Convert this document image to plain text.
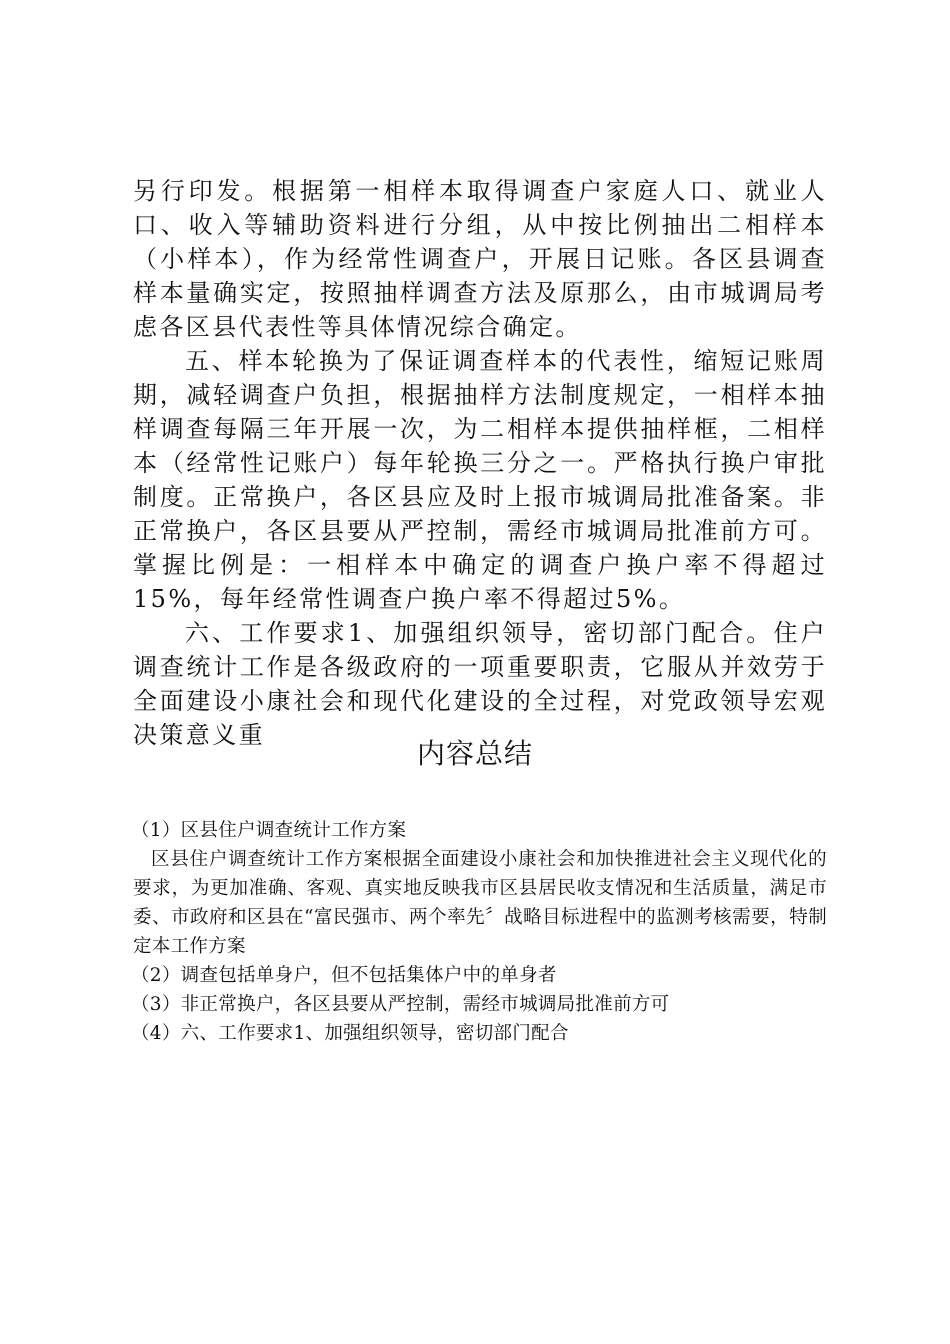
另行印发。根据第一相样本取得调查户家庭人口、就业人口、收入等辅助资料进行分组，从中按比例抽出二相样本（小样本），作为经常性调查户，开展日记账。各区县调查样本量确实定，按照抽样调查方法及原那么，由市城调局考虑各区县代表性等具体情况综合确定。

五、样本轮换为了保证调查样本的代表性，缩短记账周期，减轻调查户负担，根据抽样方法制度规定，一相样本抽样调查每隔三年开展一次，为二相样本提供抽样框，二相样本（经常性记账户）每年轮换三分之一。严格执行换户审批制度。正常换户，各区县应及时上报市城调局批准备案。非正常换户，各区县要从严控制，需经市城调局批准前方可。掌握比例是：一相样本中确定的调查户换户率不得超过15%，每年经常性调查户换户率不得超过5%。

六、工作要求1、加强组织领导，密切部门配合。住户调查统计工作是各级政府的一项重要职责，它服从并效劳于全面建设小康社会和现代化建设的全过程，对党政领导宏观决策意义重

内容总结

（1）区县住户调查统计工作方案

区县住户调查统计工作方案根据全面建设小康社会和加快推进社会主义现代化的要求，为更加准确、客观、真实地反映我市区县居民收支情况和生活质量，满足市委、市政府和区县在“富民强市、两个率先〞战略目标进程中的监测考核需要，特制定本工作方案

（2）调查包括单身户，但不包括集体户中的单身者

（3）非正常换户，各区县要从严控制，需经市城调局批准前方可

（4）六、工作要求1、加强组织领导，密切部门配合
